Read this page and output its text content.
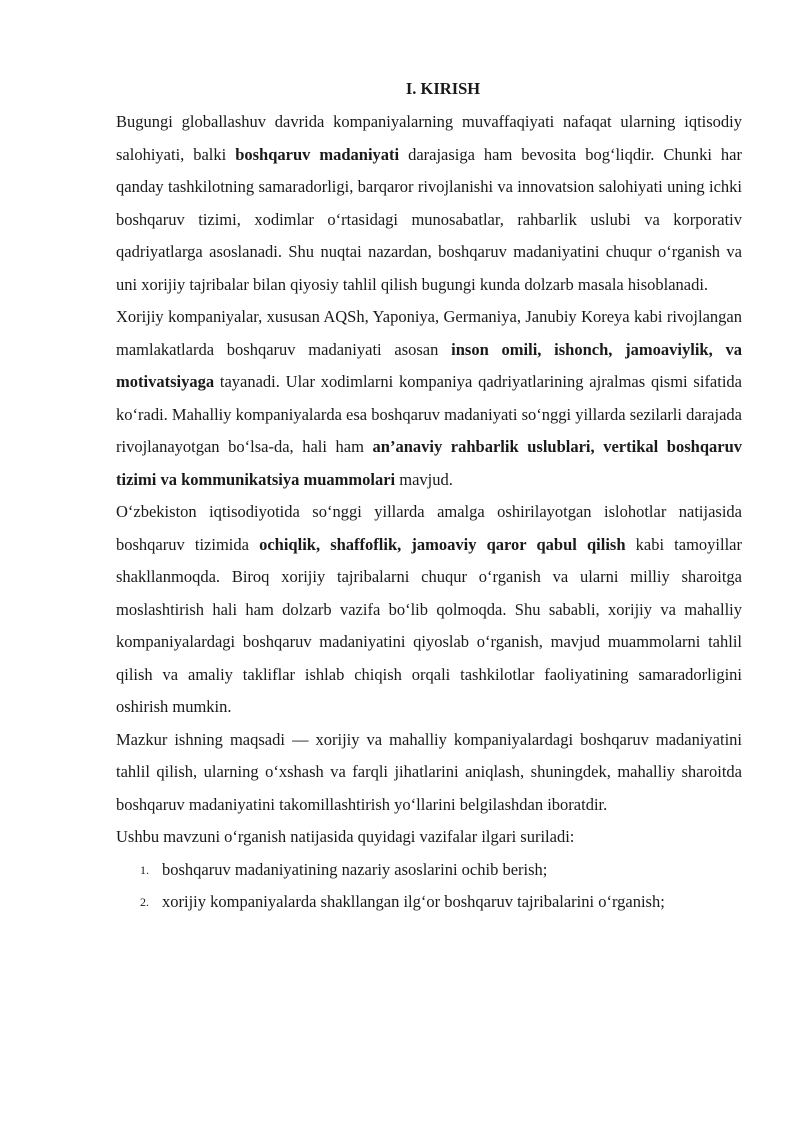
I. KIRISH

Bugungi globallashuv davrida kompaniyalarning muvaffaqiyati nafaqat ularning iqtisodiy salohiyati, balki boshqaruv madaniyati darajasiga ham bevosita bog‘liqdir. Chunki har qanday tashkilotning samaradorligi, barqaror rivojlanishi va innovatsion salohiyati uning ichki boshqaruv tizimi, xodimlar o‘rtasidagi munosabatlar, rahbarlik uslubi va korporativ qadriyatlarga asoslanadi. Shu nuqtai nazardan, boshqaruv madaniyatini chuqur o‘rganish va uni xorijiy tajribalar bilan qiyosiy tahlil qilish bugungi kunda dolzarb masala hisoblanadi.

Xorijiy kompaniyalar, xususan AQSh, Yaponiya, Germaniya, Janubiy Koreya kabi rivojlangan mamlakatlarda boshqaruv madaniyati asosan inson omili, ishonch, jamoaviylik, va motivatsiyaga tayanadi. Ular xodimlarni kompaniya qadriyatlarining ajralmas qismi sifatida ko‘radi. Mahalliy kompaniyalarda esa boshqaruv madaniyati so‘nggi yillarda sezilarli darajada rivojlanayotgan bo‘lsa-da, hali ham an’anaviy rahbarlik uslublari, vertikal boshqaruv tizimi va kommunikatsiya muammolari mavjud.

O‘zbekiston iqtisodiyotida so‘nggi yillarda amalga oshirilayotgan islohotlar natijasida boshqaruv tizimida ochiqlik, shaffoflik, jamoaviy qaror qabul qilish kabi tamoyillar shakllanmoqda. Biroq xorijiy tajribalarni chuqur o‘rganish va ularni milliy sharoitga moslashtirish hali ham dolzarb vazifa bo‘lib qolmoqda. Shu sababli, xorijiy va mahalliy kompaniyalardagi boshqaruv madaniyatini qiyoslab o‘rganish, mavjud muammolarni tahlil qilish va amaliy takliflar ishlab chiqish orqali tashkilotlar faoliyatining samaradorligini oshirish mumkin.

Mazkur ishning maqsadi — xorijiy va mahalliy kompaniyalardagi boshqaruv madaniyatini tahlil qilish, ularning o‘xshash va farqli jihatlarini aniqlash, shuningdek, mahalliy sharoitda boshqaruv madaniyatini takomillashtirish yo‘llarini belgilashdan iboratdir.

Ushbu mavzuni o‘rganish natijasida quyidagi vazifalar ilgari suriladi:

1. boshqaruv madaniyatining nazariy asoslarini ochib berish;
2. xorijiy kompaniyalarda shakllangan ilg‘or boshqaruv tajribalarini o‘rganish;
